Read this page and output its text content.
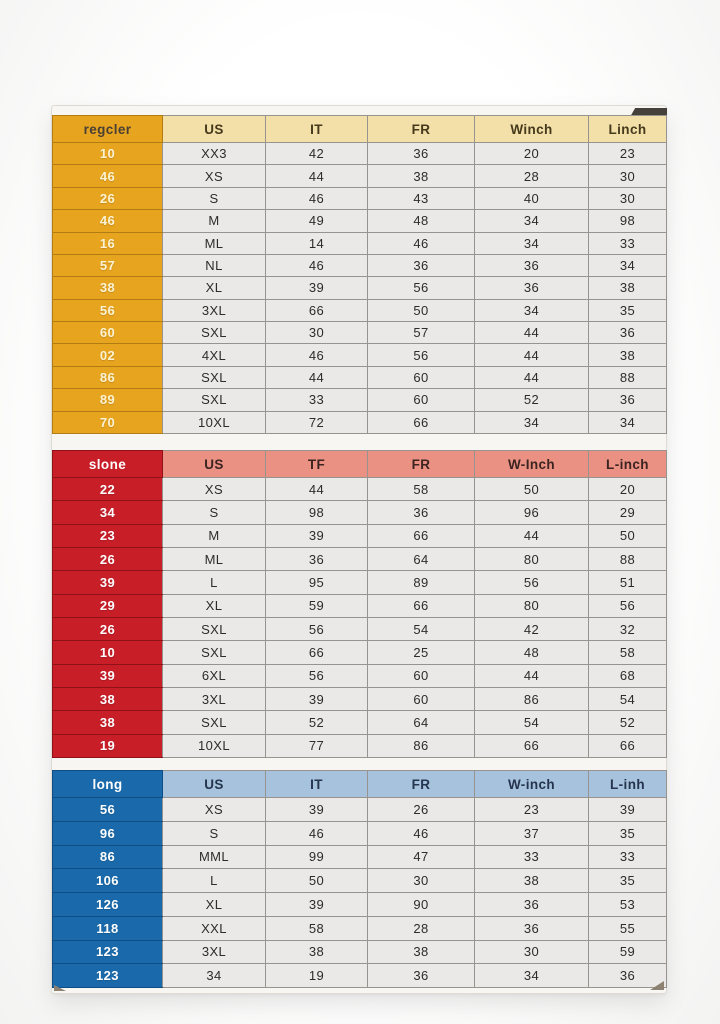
regcler	US	IT	FR	Winch	Linch
10	XX3	42	36	20	23
46	XS	44	38	28	30
26	S	46	43	40	30
46	M	49	48	34	98
16	ML	14	46	34	33
57	NL	46	36	36	34
38	XL	39	56	36	38
56	3XL	66	50	34	35
60	SXL	30	57	44	36
02	4XL	46	56	44	38
86	SXL	44	60	44	88
89	SXL	33	60	52	36
70	10XL	72	66	34	34
slone	US	TF	FR	W-Inch	L-inch
22	XS	44	58	50	20
34	S	98	36	96	29
23	M	39	66	44	50
26	ML	36	64	80	88
39	L	95	89	56	51
29	XL	59	66	80	56
26	SXL	56	54	42	32
10	SXL	66	25	48	58
39	6XL	56	60	44	68
38	3XL	39	60	86	54
38	SXL	52	64	54	52
19	10XL	77	86	66	66
long	US	IT	FR	W-inch	L-inh
56	XS	39	26	23	39
96	S	46	46	37	35
86	MML	99	47	33	33
106	L	50	30	38	35
126	XL	39	90	36	53
118	XXL	58	28	36	55
123	3XL	38	38	30	59
123	34	19	36	34	36
